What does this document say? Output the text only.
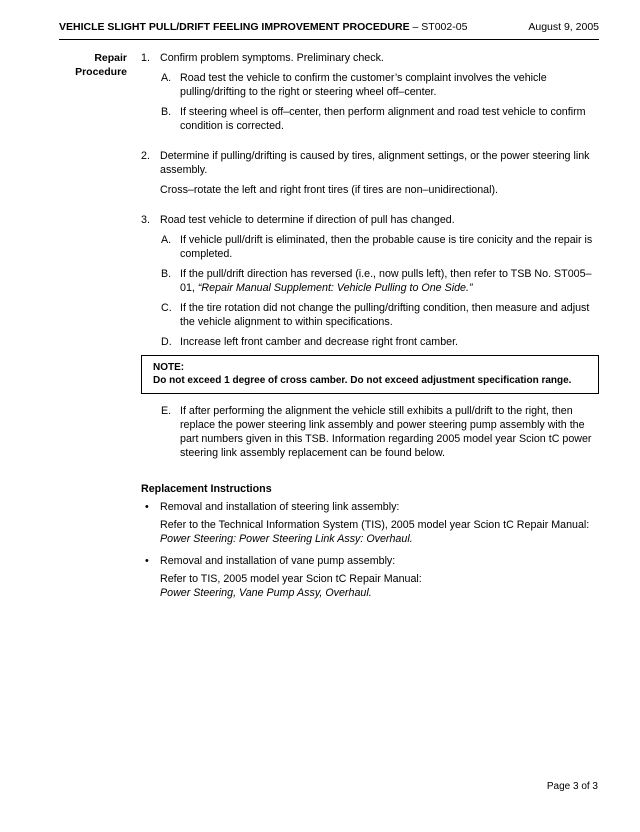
VEHICLE SLIGHT PULL/DRIFT FEELING IMPROVEMENT PROCEDURE – ST002-05	August 9, 2005
Repair
Procedure
1. Confirm problem symptoms. Preliminary check.
A. Road test the vehicle to confirm the customer’s complaint involves the vehicle pulling/drifting to the right or steering wheel off–center.
B. If steering wheel is off–center, then perform alignment and road test vehicle to confirm condition is corrected.
2. Determine if pulling/drifting is caused by tires, alignment settings, or the power steering link assembly.
Cross–rotate the left and right front tires (if tires are non–unidirectional).
3. Road test vehicle to determine if direction of pull has changed.
A. If vehicle pull/drift is eliminated, then the probable cause is tire conicity and the repair is completed.
B. If the pull/drift direction has reversed (i.e., now pulls left), then refer to TSB No. ST005–01, “Repair Manual Supplement: Vehicle Pulling to One Side.”
C. If the tire rotation did not change the pulling/drifting condition, then measure and adjust the vehicle alignment to within specifications.
D. Increase left front camber and decrease right front camber.
NOTE:
Do not exceed 1 degree of cross camber. Do not exceed adjustment specification range.
E. If after performing the alignment the vehicle still exhibits a pull/drift to the right, then replace the power steering link assembly and power steering pump assembly with the part numbers given in this TSB. Information regarding 2005 model year Scion tC power steering link assembly replacement can be found below.
Replacement Instructions
• Removal and installation of steering link assembly:
Refer to the Technical Information System (TIS), 2005 model year Scion tC Repair Manual: Power Steering: Power Steering Link Assy: Overhaul.
• Removal and installation of vane pump assembly:
Refer to TIS, 2005 model year Scion tC Repair Manual:
Power Steering, Vane Pump Assy, Overhaul.
Page 3 of 3
